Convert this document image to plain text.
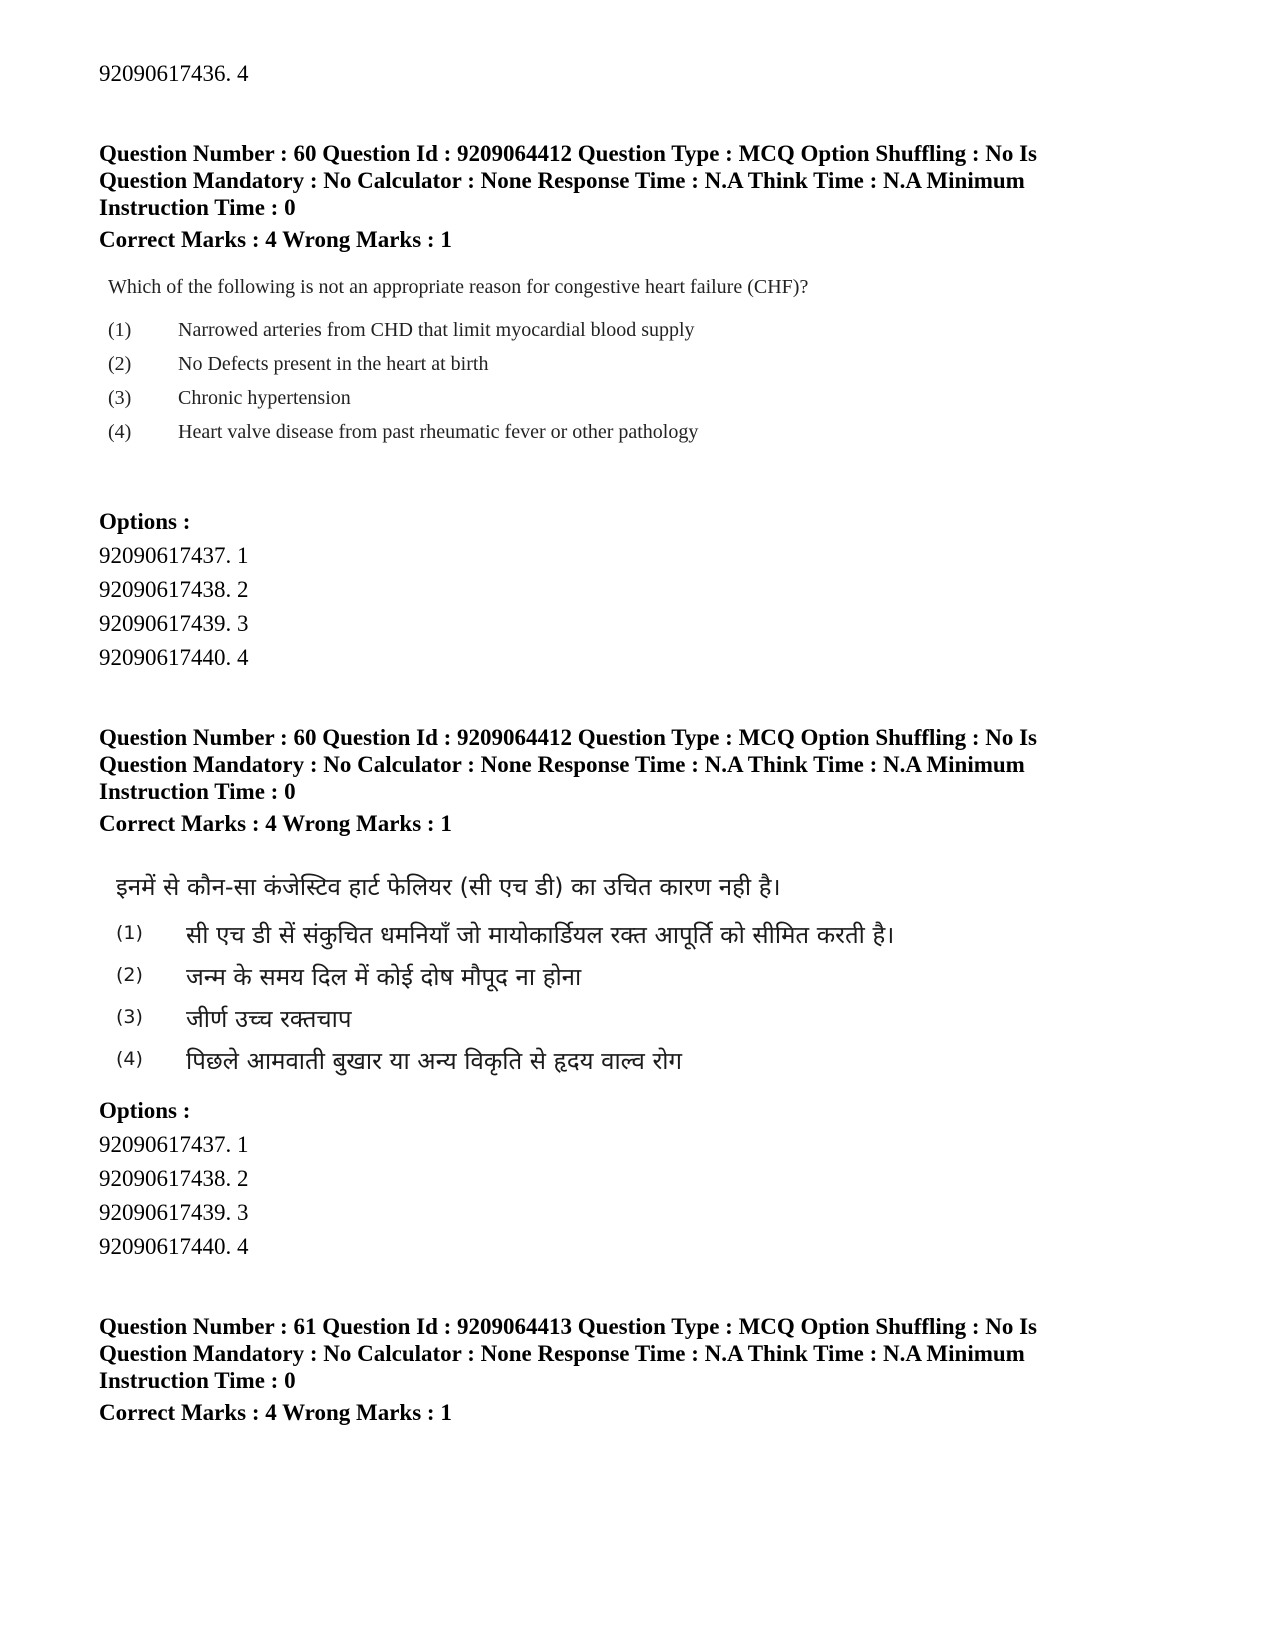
92090617436. 4
Question Number : 60 Question Id : 9209064412 Question Type : MCQ Option Shuffling : No Is
Question Mandatory : No Calculator : None Response Time : N.A Think Time : N.A Minimum
Instruction Time : 0
Correct Marks : 4 Wrong Marks : 1
Which of the following is not an appropriate reason for congestive heart failure (CHF)?
(1) Narrowed arteries from CHD that limit myocardial blood supply
(2) No Defects present in the heart at birth
(3) Chronic hypertension
(4) Heart valve disease from past rheumatic fever or other pathology
Options :
92090617437. 1
92090617438. 2
92090617439. 3
92090617440. 4
Question Number : 60 Question Id : 9209064412 Question Type : MCQ Option Shuffling : No Is
Question Mandatory : No Calculator : None Response Time : N.A Think Time : N.A Minimum
Instruction Time : 0
Correct Marks : 4 Wrong Marks : 1
इनमें से कौन-सा कंजेस्टिव हार्ट फेलियर (सी एच डी) का उचित कारण नही है।
(1) सी एच डी सें संकुचित धमनियाँ जो मायोकार्डियल रक्त आपूर्ति को सीमित करती है।
(2) जन्म के समय दिल में कोई दोष मौपूद ना होना
(3) जीर्ण उच्च रक्तचाप
(4) पिछले आमवाती बुखार या अन्य विकृति से हृदय वाल्व रोग
Options :
92090617437. 1
92090617438. 2
92090617439. 3
92090617440. 4
Question Number : 61 Question Id : 9209064413 Question Type : MCQ Option Shuffling : No Is
Question Mandatory : No Calculator : None Response Time : N.A Think Time : N.A Minimum
Instruction Time : 0
Correct Marks : 4 Wrong Marks : 1
